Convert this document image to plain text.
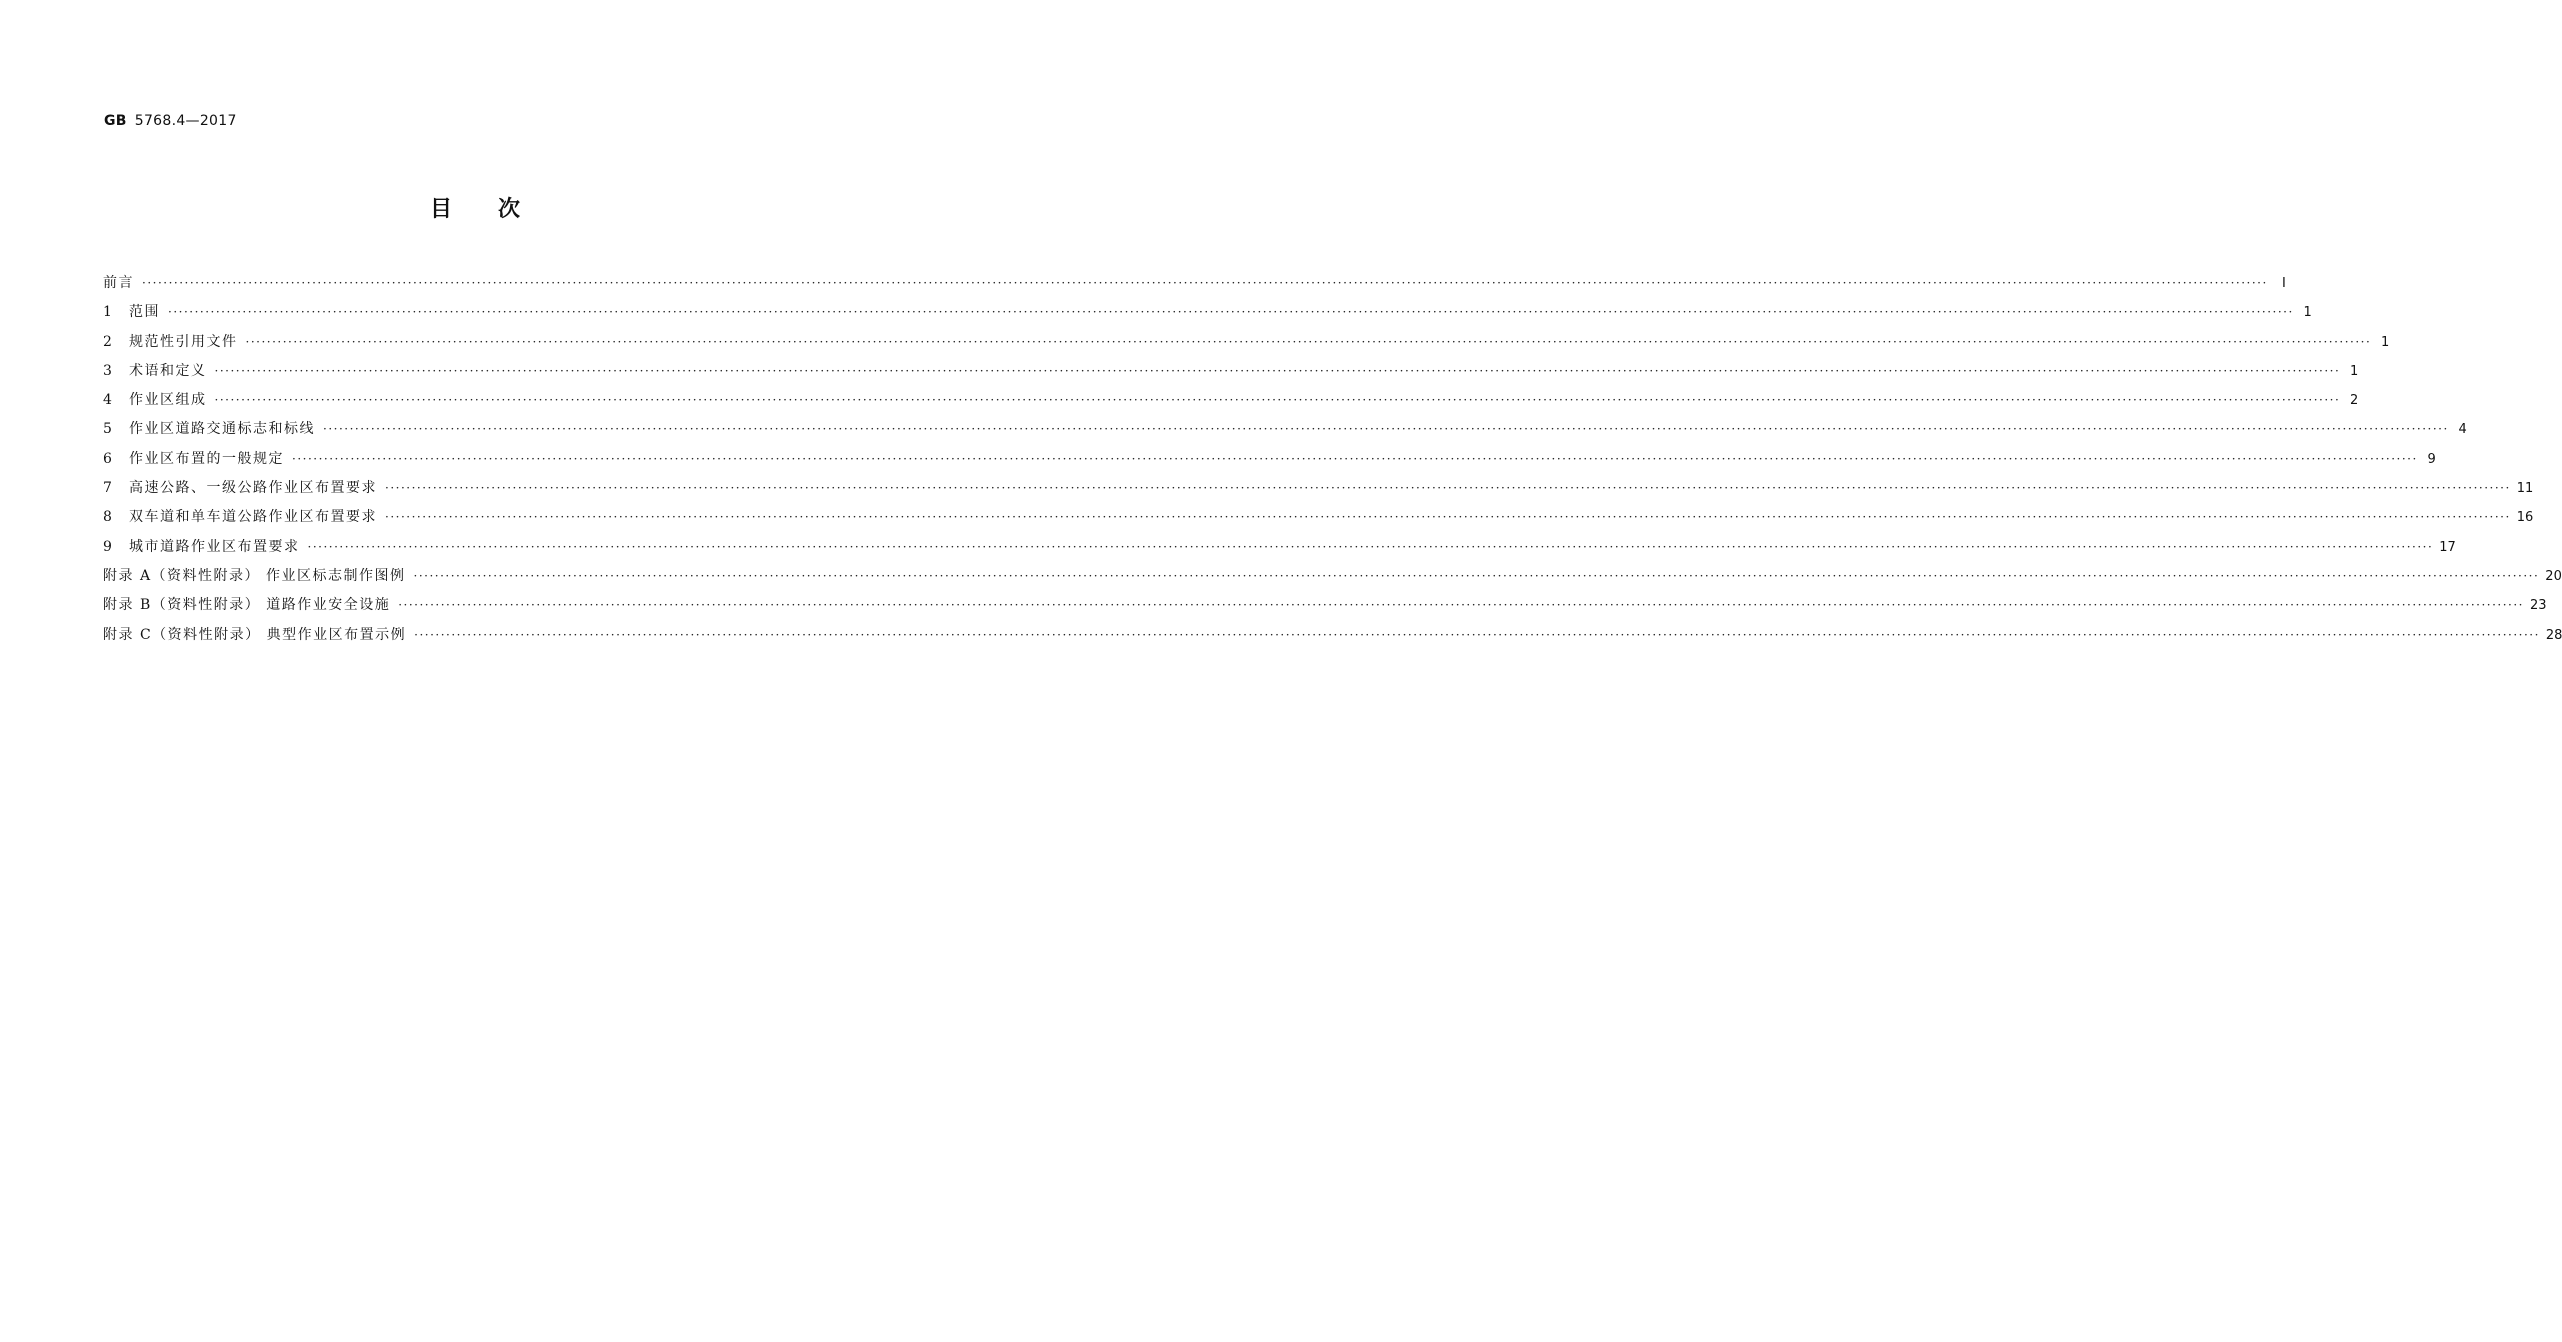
GB 5768.4—2017
目次
前言 ················································································································································································································································································································································································································	Ⅰ
1	范围 ················································································································································································································································································································································································································ 1
2	规范性引用文件 ················································································································································································································································································································································································································ 1
3	术语和定义 ················································································································································································································································································································································································································ 1
4	作业区组成 ················································································································································································································································································································································································································ 2
5	作业区道路交通标志和标线 ················································································································································································································································································································································································································ 4
6	作业区布置的一般规定 ················································································································································································································································································································································································································ 9
7	高速公路、一级公路作业区布置要求 ················································································································································································································································································································································································································ 11
8	双车道和单车道公路作业区布置要求 ················································································································································································································································································································································································································ 16
9	城市道路作业区布置要求 ················································································································································································································································································································································································································ 17
附录 A（资料性附录） 作业区标志制作图例 ················································································································································································································································································································································································································ 20
附录 B（资料性附录） 道路作业安全设施 ················································································································································································································································································································································································································ 23
附录 C（资料性附录） 典型作业区布置示例 ················································································································································································································································································································································································································ 28
